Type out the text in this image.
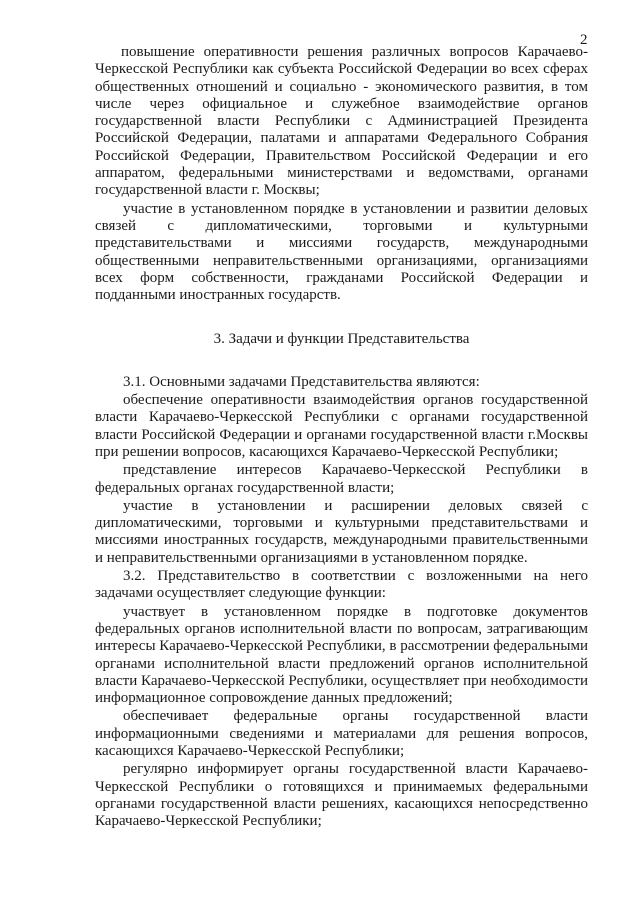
2

повышение оперативности решения различных вопросов Карачаево-Черкесской Республики как субъекта Российской Федерации во всех сферах общественных отношений и социально - экономического развития, в том числе через официальное и служебное взаимодействие органов государственной власти Республики с Администрацией Президента Российской Федерации, палатами и аппаратами Федерального Собрания Российской Федерации, Правительством Российской Федерации и его аппаратом, федеральными министерствами и ведомствами, органами государственной власти г. Москвы;

участие в установленном порядке в установлении и развитии деловых связей с дипломатическими, торговыми и культурными представительствами и миссиями государств, международными общественными неправительственными организациями, организациями всех форм собственности, гражданами Российской Федерации и подданными иностранных государств.

3. Задачи и функции Представительства

3.1. Основными задачами Представительства являются:

обеспечение оперативности взаимодействия органов государственной власти Карачаево-Черкесской Республики с органами государственной власти Российской Федерации и органами государственной власти г.Москвы при решении вопросов, касающихся Карачаево-Черкесской Республики;

представление интересов Карачаево-Черкесской Республики в федеральных органах государственной власти;

участие в установлении и расширении деловых связей с дипломатическими, торговыми и культурными представительствами и миссиями иностранных государств, международными правительственными и неправительственными организациями в установленном порядке.

3.2. Представительство в соответствии с возложенными на него задачами осуществляет следующие функции:

участвует в установленном порядке в подготовке документов федеральных органов исполнительной власти по вопросам, затрагивающим интересы Карачаево-Черкесской Республики, в рассмотрении федеральными органами исполнительной власти предложений органов исполнительной власти Карачаево-Черкесской Республики, осуществляет при необходимости информационное сопровождение данных предложений;

обеспечивает федеральные органы государственной власти информационными сведениями и материалами для решения вопросов, касающихся Карачаево-Черкесской Республики;

регулярно информирует органы государственной власти Карачаево-Черкесской Республики о готовящихся и принимаемых федеральными органами государственной власти решениях, касающихся непосредственно Карачаево-Черкесской Республики;
